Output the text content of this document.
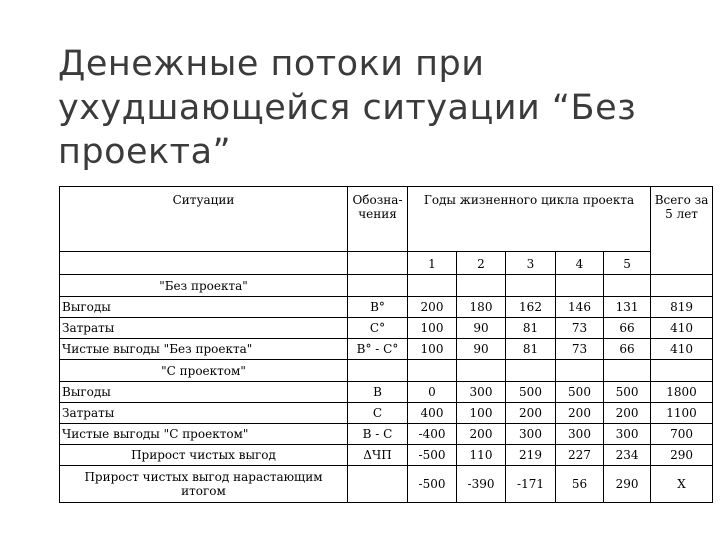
Денежные потоки при ухудшающейся ситуации “Без проекта”
Ситуации	Обозна-чения	Годы жизненного цикла проекта					Всего за 5 лет
		1	2	3	4	5	
"Без проекта"							
Выгоды	B°	200	180	162	146	131	819
Затраты	C°	100	90	81	73	66	410
Чистые выгоды "Без проекта"	B° - C°	100	90	81	73	66	410
"С проектом"							
Выгоды	B	0	300	500	500	500	1800
Затраты	C	400	100	200	200	200	1100
Чистые выгоды "С проектом"	B - C	-400	200	300	300	300	700
Прирост чистых выгод	ΔЧП	-500	110	219	227	234	290
Прирост чистых выгод нарастающим итогом		-500	-390	-171	56	290	X
